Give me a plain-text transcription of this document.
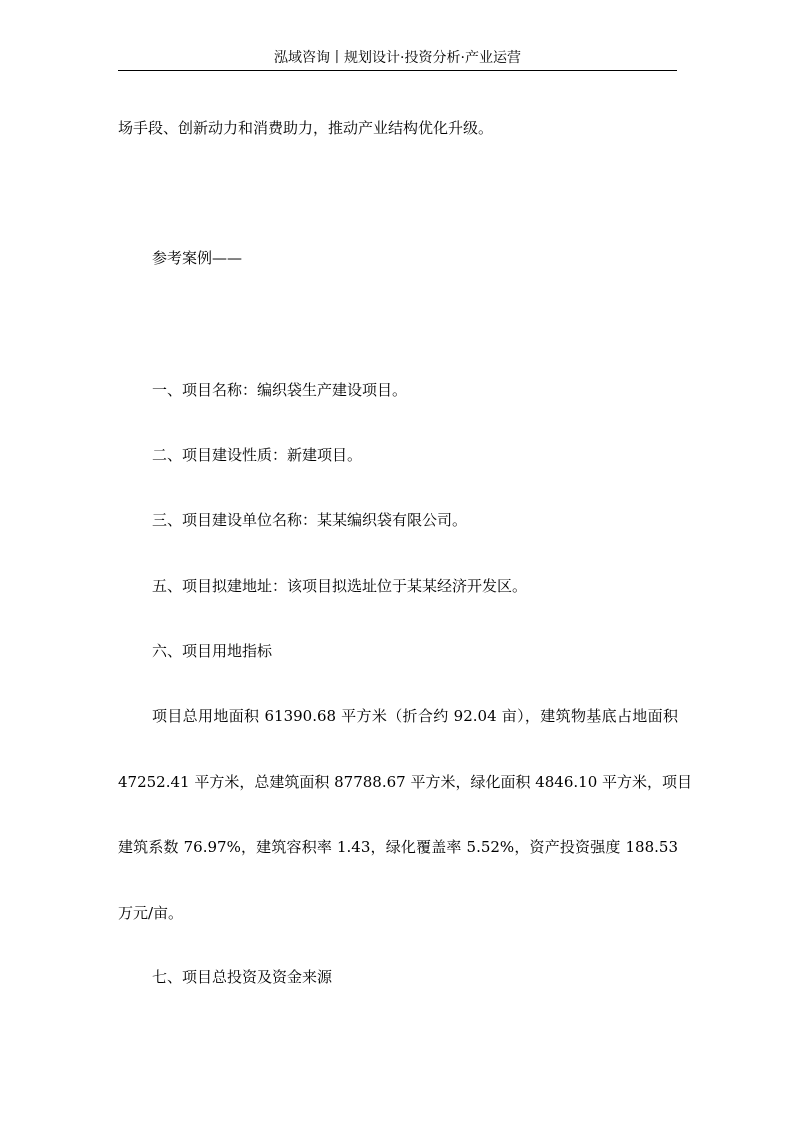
泓域咨询丨规划设计·投资分析·产业运营
场手段、创新动力和消费助力，推动产业结构优化升级。
参考案例——
一、项目名称：编织袋生产建设项目。
二、项目建设性质：新建项目。
三、项目建设单位名称：某某编织袋有限公司。
五、项目拟建地址：该项目拟选址位于某某经济开发区。
六、项目用地指标
项目总用地面积 61390.68 平方米（折合约 92.04 亩），建筑物基底占地面积
47252.41 平方米，总建筑面积 87788.67 平方米，绿化面积 4846.10 平方米，项目
建筑系数 76.97%，建筑容积率 1.43，绿化覆盖率 5.52%，资产投资强度 188.53
万元/亩。
七、项目总投资及资金来源
